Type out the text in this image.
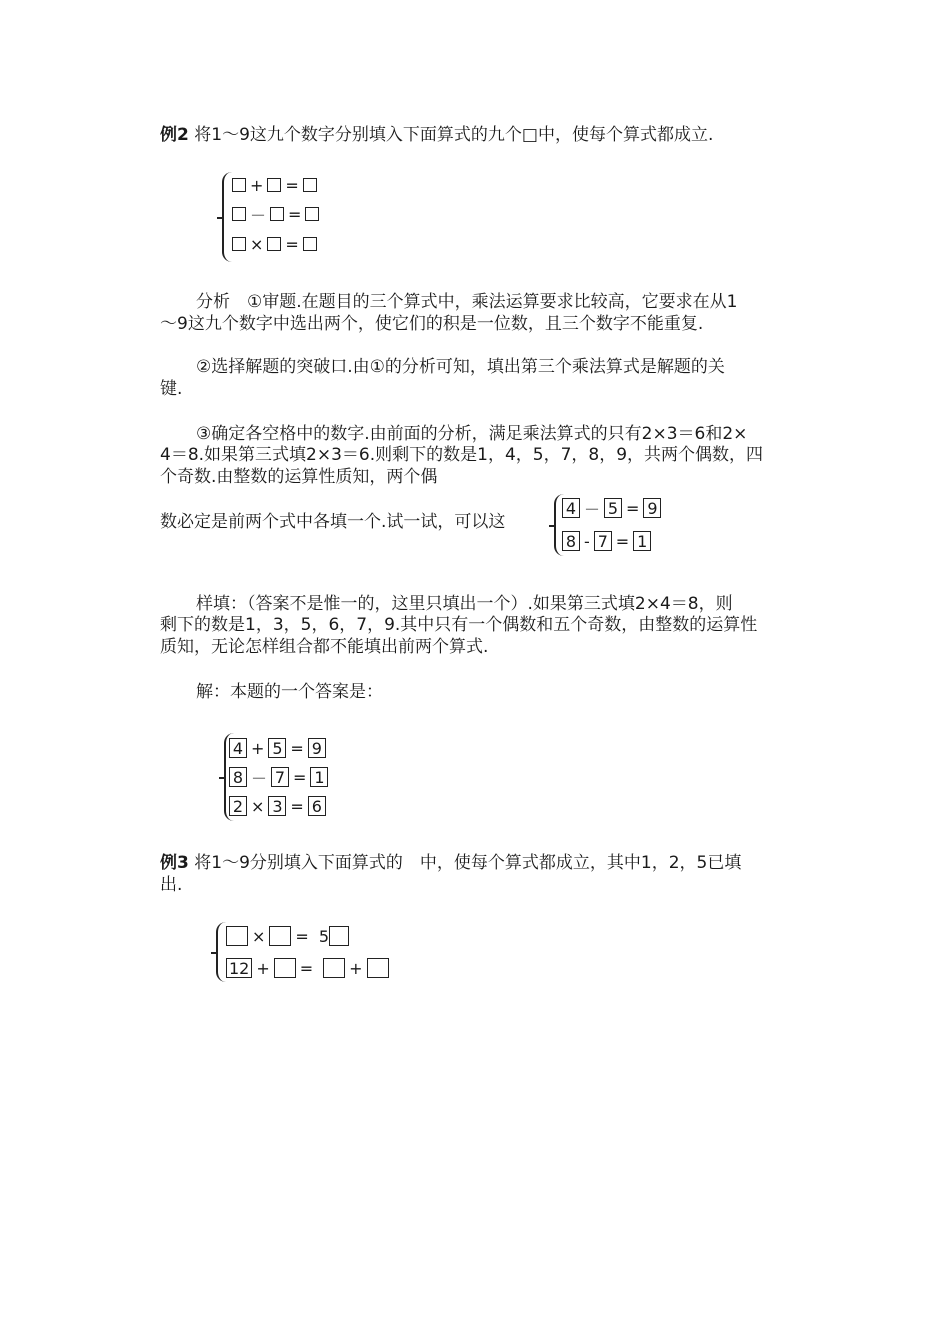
例2 将1～9这九个数字分别填入下面算式的九个□中，使每个算式都成立.
+ =
－ =
× =
分析　①审题.在题目的三个算式中，乘法运算要求比较高，它要求在从1
～9这九个数字中选出两个，使它们的积是一位数，且三个数字不能重复.
②选择解题的突破口.由①的分析可知，填出第三个乘法算式是解题的关
键.
③确定各空格中的数字.由前面的分析，满足乘法算式的只有2×3＝6和2×
4＝8.如果第三式填2×3＝6.则剩下的数是1，4，5，7，8，9，共两个偶数，四
个奇数.由整数的运算性质知，两个偶
数必定是前两个式中各填一个.试一试，可以这
4 － 5 = 9
8 - 7 = 1
样填：（答案不是惟一的，这里只填出一个）.如果第三式填2×4＝8，则
剩下的数是1，3，5，6，7，9.其中只有一个偶数和五个奇数，由整数的运算性
质知，无论怎样组合都不能填出前两个算式.
解：本题的一个答案是：
4 + 5 = 9
8 － 7 = 1
2 × 3 = 6
例3 将1～9分别填入下面算式的　中，使每个算式都成立，其中1，2，5已填
出.
× = 5
12 + = +
